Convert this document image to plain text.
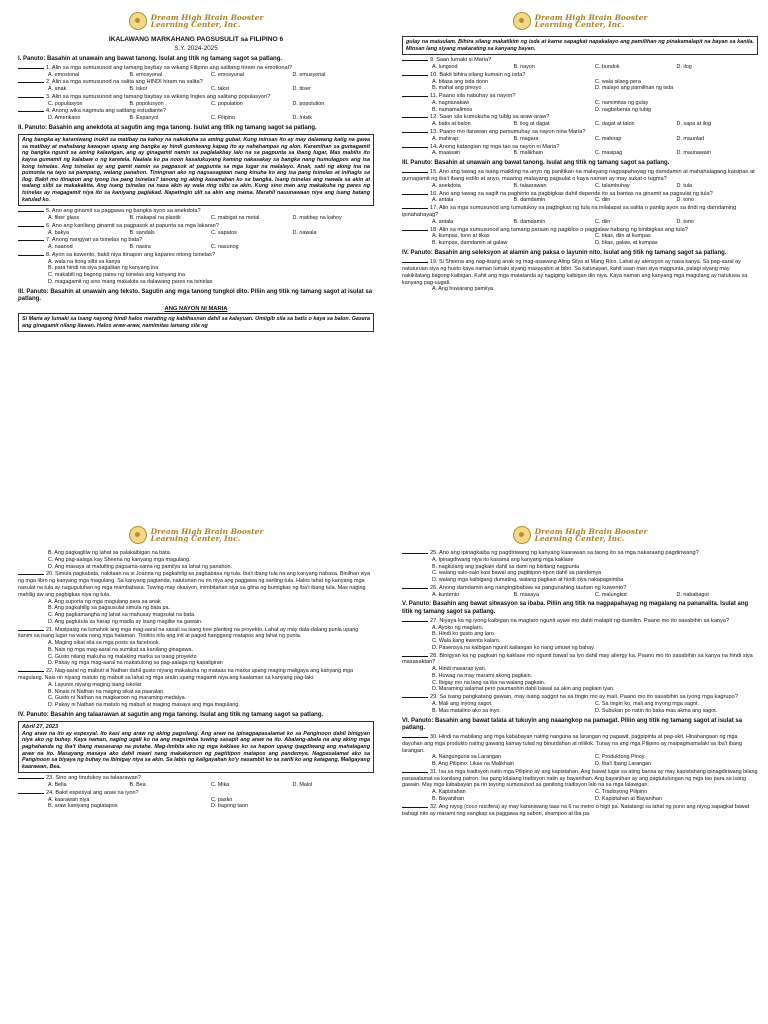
Dream High Brain Booster
Learning Center, Inc.
IKALAWANG MARKAHANG PAGSUSULIT sa FILIPINO 6
S.Y. 2024-2025
I. Panuto: Basahin at unawain ang bawat tanong. Isulat ang titik ng tamang sagot sa patlang.
1. Alin sa mga sumusunod ang tamang baybay sa wikang Filipino ang salitang hiram na emotional?
A. emosional	B. emosyonal	C. emosyunal	D. emusyonal
2. Alin sa mga sumusunod na salita ang HINDI hiram na salita?
A. anak	B. iskor	C. taksi	D. tiiser
3. Alin sa mga sumusunod ang tamang baybay sa wikang Ingles ang salitang populasyon?
C. populasyon	B. popolusyon	C. population	D. popolution
4. Anong wika nagmula ang salitang estudiante?
D. Amerikano	B. Espanyol	C. Filipino	D. Intsik
II. Panuto: Basahin ang anekdota at sagutin ang mga tanong. Isulat ang titik ng tamang sagot sa patlang.
Ang bangka ay karaniwang inukit sa matibay na kahoy na nakukuha sa aming gubat. Kung minsan ito ay may dalawang katig na gawa sa matibay at mahabang kawayan upang ang bangka ay hindi gumiwang kapag ito ay nahahampas ng alon. Karamihan sa gumagamit ng bangka ngunit sa aming kalawigan, ang ay ginagamit namin sa paglalakbay lalo na sa pagpunta sa ibang lugar. Mas mabilis ito kaysa gumamit ng kalabaw o ng karetela. Naalala ko pa noon kasalukuyang kaming nakasakay sa bangka nang humulagpos ang isa kong tsinelas. Ang tsinelas ay ang gamit namin sa pagpasok at pagpunta sa mga lugar na malalayo. Anak, sabi ng aking ina na pumunta na tayo sa pampang, walang panahon. Tiningnan ako ng nagsasagwan nang kinuha ko ang isa pang tsinelas at inihagis sa ilog. Bakit mo itinapon ang iyong isa pang tsinelas? tanong ng aking kasamahan ko sa bangka. Isang tsinelas ang nawala sa akin at walang silbi sa makakakita. Ang isang tsinelas na nasa akin ay wala ring silbi sa akin. Kung sino man ang makakuha ng pares ng tsinelas ay magagamit niya ito sa kaniyang paglakad. Napatingin ulit sa akin ang mama. Marahil nauunawaan niya ang isang batang katulad ko.
5. Ano ang ginamit sa paggawa ng bangka ayon sa anekdota?
A. fiber glass	B. makapal na plastik	C. mabigat na metal	D. matibay na kahoy
6. Ano ang kanilang ginamit sa pagpasok at papunta sa mga lakaran?
A. bakya	B. sandals	C. sapatos	D. nawala
7. Anong nangyari sa tsinelas ng bata?
A. naanod	B. nasira	C. nasunog
8. Ayon sa kuwento, bakit niya itinapon ang kapares nitong tsinelas?
A. wala na itong silbi sa kanya
B. para hindi na siya pagalitan ng kanyang ina
C. makabili ng bagong pares ng tsinelas ang kanyang ina
D. magagamit ng sino mang makakita sa dalawang pares na tsinelas
III. Panuto: Basahin at unawain ang teksto. Sagutin ang mga tanong tungkol dito. Piliin ang titik ng tamang sagot at isulat sa patlang.
ANG NAYON NI MARIA
Si Maria ay lumaki sa isang nayong hindi halos marating ng kabihasnan dahil sa kalayuan. Umiigib sila sa batis o kaya sa balon. Gasera ang ginagamit nilang ilawan. Halos araw-araw, namimitas lamang sila ng
Dream High Brain Booster
Learning Center, Inc.
gulay na maiuulam. Bihira silang makatikim ng isda at karne sapagkat napakalayo ang pamilihan ng pinakamalapit na bayan sa kanila. Minsan lang siyang makarating sa kanyang bayan.
9. Saan lumaki si Maria?
A. lungsod	B. nayon	C. bundok	D. ilog
10. Bakit bihira silang kumain ng isda?
A. bilasa ang isda doon	C. wala silang pera
B. mahal ang presyo	D. malayo ang pamilihan ng isda
11. Paano sila nabuhay sa nayon?
A. nagnanakaw	C. namimitas ng gulay
B. namamalimos	D. nagbebenta ng tubig
12. Saan sila kumukuha ng tubig sa araw-araw?
A. batis at balon	B. ilog at dagat	C. dagat at talon	D. sapa at ilog
13. Paano mo ilarawan ang pamumuhay sa nayon nina Maria?
A. mahirap	B. magara	C. mahirap	D. maunlad
14. Anong katangian ng mga tao sa nayon ni Maria?
A. maawain	B. malikhain	C. masipag	D. maunawain
III. Panuto: Basahin at unawain ang bawat tanong. Isulat ang titik ng tamang sagot sa patlang.
15. Ano ang tawag sa isang maikling na anyo ng panitikan na malayang nagpapahayag ng damdamin at mahahalagang kaisipan at gumagamit ng iba't ibang estilo at anyo, maaring malayang pagsulat o kaya naman ay may sukat o tugma?
A. anekdota	B. talaarawan	C. talambuhay	D. tula
16. Ano ang tawag sa sagilt na paghinto sa pagbigkas dahil depende ito sa bantas na ginamit sa pagsulat ng tula?
A. antala	B. damdamin	C. diin	D. tono
17. Alin sa mga sumusunod ang tumutukoy sa pagbigkas ng tula na inilalapat sa salita o pantig ayon sa tindi ng damdaming ipinahahayag?
A. antala	B. damdamin	C. diin	D. tono
18. Alin sa mga sumusunod ang tamang paraan ng pagkilos o paggalaw habang ng binibigkas ang tula?
A. kumpas, tono at tikas	C. tikas, diin at kumpas
B. kumpas, damdamin at galaw	D. tikas, galaw, at kumpas
IV. Panuto: Basahin ang seleksyon at alamin ang paksa o layunin nito. Isulat ang titik ng tamang sagot sa patlang.
19. Si Sheena ang nag-iisang anak ng mag-asawang Aling Silya at Mang Rico. Lahat ay atensyon ay nasa kanya. Sa pag-aaral ay natuturuan siya ng husto kaya naman lumaki siyang masayahin at bibo. Sa katunayan, kahit saan man siya magpunta, palagi siyang may nakikilalang bagong kaibigan. Kahit ang mga matatanda ay nagiging kaibigan din niya. Kaya naman ang kanyang mga magulang ay natutuwa sa kanyang pag-uugali.
A. Ang huwarang pamilya.
Dream High Brain Booster
Learning Center, Inc.
B. Ang pagkagiliw ng lahat sa palakaibigan na bata.
C. Ang pag-aalaga kay Sheena ng kanyang mga magulang.
D. Ang masaya at matulting pagsama-sama ng pamilya sa lahat ng panahon.
20. Simula pagkabata, nakitaan na si Joanna ng pagkahilig sa pagbabasa ng tula. Iba't ibang tula na ang kanyang nabasa. Binilhan siya ng mga libro ng kanyang mga magulang. Sa kanyang pagtanda, natutunan na rin niya ang paggawa ng sariling tula. Halos lahat ng kanyang mga nasulat na tula ay naguguluhan ng mga mambabasa. Tuwing may okasyon, inimbitahan siya sa gitna ng bumigkas ng iba't ibang tula. Mas naging mahilig aw ang pagbigkas niya ng tula.
A. Ang suporta ng mga magulang para sa anak
B. Ang pagkahilig sa pagsusulat simula ng bata pa.
C. Ang pagkamangha ng lahat sa mahusay magsulat na bata.
D. Ang pagtutula sa harap ng madla ay isang magiliw na gawain.
21. Masipasig na lumahok ang mga mag-aaral na sasali sa isang tree planting na proyekto. Lahat ay may dala-dalang punla upang itanim sa isang lugar na wala nang mga halaman. Tinitiris nila ang init at pagod hanggang matapos ang lahat ng punla.
A. Maging sikat sila sa mga posts sa facebook.
B. Nais ng mga mag-aaral na sumikat sa kanilang ginagawa.
C. Gusto nilang makuha ng malaking marka sa isang proyekto
D. Pakay ng mga mag-aaral na makatulong sa pag-aalaga ng kapaligiran
22. Nag-aaral ng mabuti si Nathan dahil gusto niyang makakuha ng mataas na marka upang maging maligaya ang kanyang mga magulang. Nais rin niyang matuto ng mabuti sa lahat ng mga aralin upang magamit niya ang kaalaman sa kanyang pag-laki.
A. Layunin niyang maging isang iskolar
B. Ninais ni Nathan na maging sikat sa paaralan.
C. Gusto ni Nathan na magkaroon ng maraming medalya.
D. Pakay ni Nathan na matuto ng mabuti at maging masaya ang mga magulang.
IV. Panuto: Basahin ang talaarawan at sagutin ang mga tanong. Isulat ang titik ng tamang sagot sa patlang.
Abril 27, 2023
Ang araw na ito ay espesyal. Ito kasi ang araw ng aking pagsilang. Ang araw na ipinagpapasalamat ko sa Panginoon dahil binigyan niya ako ng buhay. Kaya naman, naging ugali ko na ang magsimba tuwing sasapit ang araw na ito. Abalang-abala na ang aking mga paghahanda ng iba't ibang masasarap na putahe. Mag-iimbita ako ng mga kaklase ko sa hapon upang ipagdiwang ang mahalagang araw na ito. Masayang masaya ako dahil maari nang makakaroon ng pagtitipon matapos ang pandemya. Nagpasalamat ako sa Panginoon sa biyaya ng buhay na ibinigay niya sa akin. Sa labis ng kaligayahan ko'y nasambit ko sa sarili ko ang katagang, Maligayang kaarawan, Bea.
23. Sino ang tinutukoy sa talaarawan?
A. Bella	B. Bea	C. Mika	D. Malol
24. Bakit espesyal ang araw na iyon?
A. kaarawan niya	C. pasko
B. araw kaniyang pagtatapos	D. bagong taon
Dream High Brain Booster
Learning Center, Inc.
25. Ano ang ipinagkaiba ng pagdiriwang ng kanyang kaarawan sa taong ito sa mga nakaraang pagdiriwang?
A. Ipinagdiwang niya ito kasama ang kanyang mga kaklase
B. nagkulang ang pagkain dahil sa dami ng bisitang nagpunta
C. walang salo-salo kasi bawal ang pagtitipon-tipon dahil sa pandemya
D. walang mga kaibigang dumating, walang pagkain at hindi siya nakapagsimba
26. Anong damdamin ang nangingibabaw sa pangunahing tauhan ng kuwento?
A. kuntento	B. masaya	C. malungkot	D. nababagot
V. Panuto: Basahin ang bawat sitwasyon sa ibaba. Piliin ang titik na nagpapahayag ng magalang na pananalita. Isulat ang titik ng tamang sagot sa patlang.
27. Niyaya ka ng iyong kaibigan na maglaro ngunit ayaw mo dahil malapit ng dumilim. Paano mo ito sasabihin sa kanya?
A. Ayoko ng maglaro.
B. Hindi ko gusto ang laro.
C. Wala kang kwenta kalaro.
D. Pasensya na kaibigan ngunit kailangan ko nang umuwi ng bahay.
28. Binigyan ka ng pagkain ng kaklase mo ngunit bawal sa iyo dahil may allergy ka. Paano mo ito sasabihin sa kanya na hindi siya masasaktan?
A. Hindi masarap iyan.
B. Huwag na may marami akong pagkain.
C. Ibigay mo na lang sa iba na walang pagkain.
D. Maraming salamat pero paumanhin dahil bawal sa akin ang pagkain iyan.
29. Sa isang pangkatang gawain, may isang saggot na sa tingin mo ay mali. Paano mo ito sasabihin sa iyong mga kagrupo?
A. Mali ang inyong sagot.	C. Sa tingin ko, mali ang inyong mga sagot.
B. Mas matalino ako sa inyo.	D. Subukan po natin ito baka mas akma ang sagot.
VI. Panuto: Basahin ang bawat talata at tukuyin ang naaangkop na pamagat. Piliin ang titik ng tamang sagot at isulat sa patlang.
30. Hindi na mabilang ang mga kababayan nating nanguna sa larangan ng pagawit, pagpipinta at pag-ukit. Hinahangaan ng mga dayuhan ang mga produkto nating gawang kamay tulad ng binurdahan at niliilok. Tunay na ang mga Pilipino ay maipagmamalaki sa iba't ibang larangan.
A. Nangunguna sa Larangan	C. Produktong Pinoy
B. Ang Pilipino: Likas na Malikhain	D. Iba't Ibang Larangan
31. Isa sa mga tradisyon natin mga Pilipino ay ang kapistahan. Ang bawat lugar sa ating bansa ay may kapistahang ipinagdiriwang bilang pasasalamat sa kanilang patron. Isa pang kilalang tradisyon natin ay bayanihan. Ang bayanihan ay ang pagtutulungan ng mga tao para sa isang gawain. May mga kababayan pa rin tayong sumusunod sa ganitong tradisyon lalo na sa mga lalawigan.
A. Kapistahan	C. Tradisyong Pilipino
B. Bayanihan	D. Kapistahan at Bayanihan
32. Ang niyog (coco nucifera) ay may karaniwang taas na 6 na metro o higit pa. Natatangi sa lahat ng puno ang niyog sapagkat bawat bahagi nito ay marami ring sangkap sa paggawa ng sabon, shampoo at iba pa.
